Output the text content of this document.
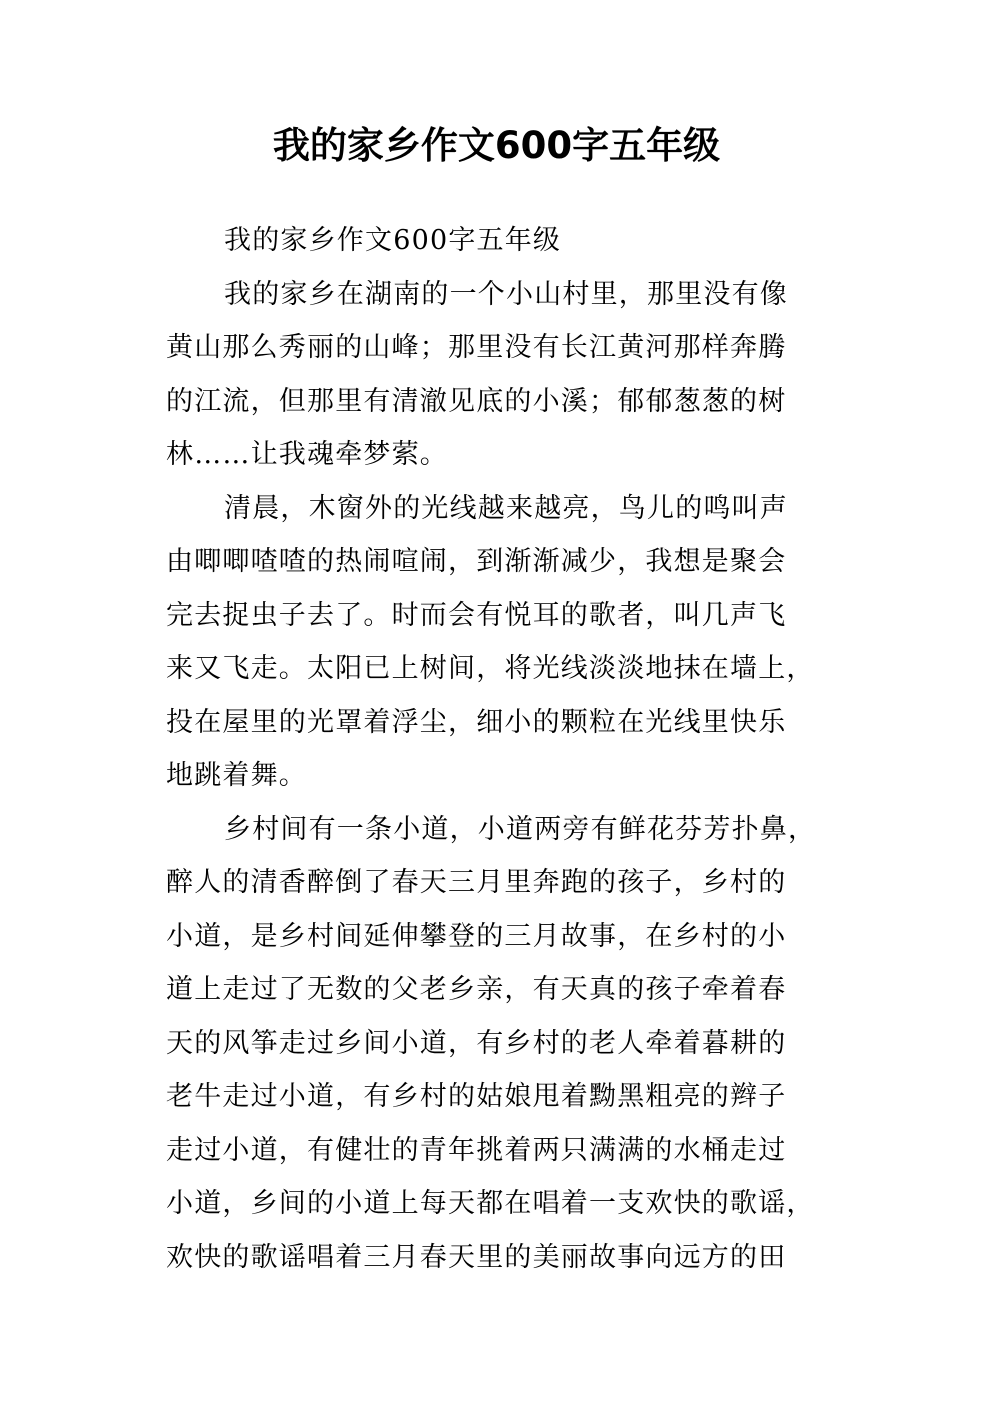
我的家乡作文600字五年级
我的家乡作文600字五年级
我的家乡在湖南的一个小山村里，那里没有像
黄山那么秀丽的山峰；那里没有长江黄河那样奔腾
的江流，但那里有清澈见底的小溪；郁郁葱葱的树
林……让我魂牵梦萦。
清晨，木窗外的光线越来越亮，鸟儿的鸣叫声
由唧唧喳喳的热闹喧闹，到渐渐减少，我想是聚会
完去捉虫子去了。时而会有悦耳的歌者，叫几声飞
来又飞走。太阳已上树间，将光线淡淡地抹在墙上，
投在屋里的光罩着浮尘，细小的颗粒在光线里快乐
地跳着舞。
乡村间有一条小道，小道两旁有鲜花芬芳扑鼻，
醉人的清香醉倒了春天三月里奔跑的孩子，乡村的
小道，是乡村间延伸攀登的三月故事，在乡村的小
道上走过了无数的父老乡亲，有天真的孩子牵着春
天的风筝走过乡间小道，有乡村的老人牵着暮耕的
老牛走过小道，有乡村的姑娘甩着黝黑粗亮的辫子
走过小道，有健壮的青年挑着两只满满的水桶走过
小道，乡间的小道上每天都在唱着一支欢快的歌谣，
欢快的歌谣唱着三月春天里的美丽故事向远方的田
